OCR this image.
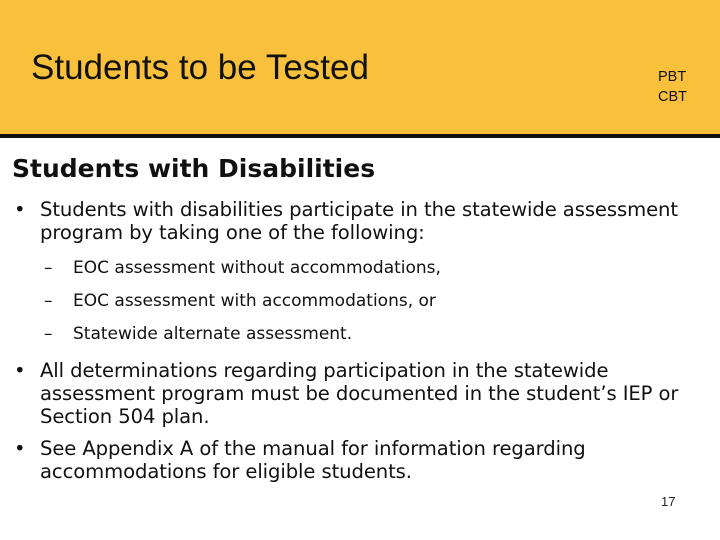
Students to be Tested	PBT
CBT
Students with Disabilities
• Students with disabilities participate in the statewide assessment program by taking one of the following:
– EOC assessment without accommodations,
– EOC assessment with accommodations, or
– Statewide alternate assessment.
• All determinations regarding participation in the statewide assessment program must be documented in the student’s IEP or Section 504 plan.
• See Appendix A of the manual for information regarding accommodations for eligible students.
17
